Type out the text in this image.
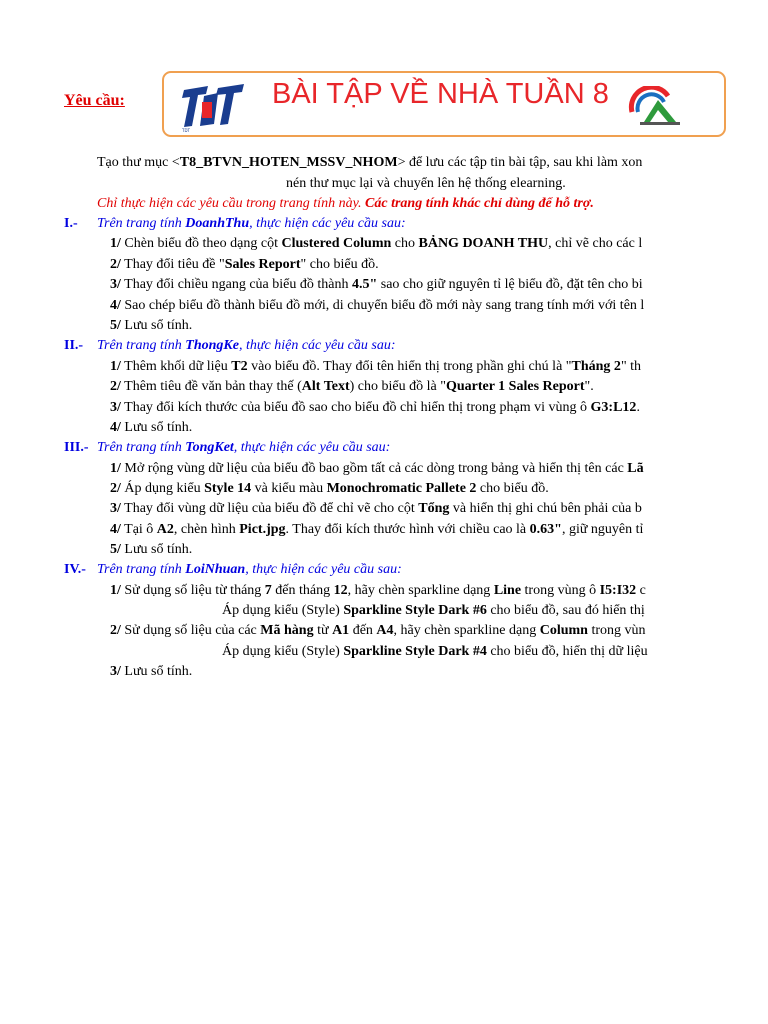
Yêu cầu:
TDT
BÀI TẬP VỀ NHÀ TUẦN 8
Tạo thư mục <T8_BTVN_HOTEN_MSSV_NHOM> để lưu các tập tin bài tập, sau khi làm xon
nén thư mục lại và chuyển lên hệ thống elearning.
Chỉ thực hiện các yêu cầu trong trang tính này. Các trang tính khác chỉ dùng để hỗ trợ.
I.- Trên trang tính DoanhThu, thực hiện các yêu cầu sau:
1/ Chèn biểu đồ theo dạng cột Clustered Column cho BẢNG DOANH THU, chỉ vẽ cho các l
2/ Thay đổi tiêu đề "Sales Report" cho biểu đồ.
3/ Thay đổi chiều ngang của biểu đồ thành 4.5" sao cho giữ nguyên tỉ lệ biểu đồ, đặt tên cho bi
4/ Sao chép biểu đồ thành biểu đồ mới, di chuyển biểu đồ mới này sang trang tính mới với tên l
5/ Lưu sổ tính.
II.- Trên trang tính ThongKe, thực hiện các yêu cầu sau:
1/ Thêm khối dữ liệu T2 vào biểu đồ. Thay đổi tên hiển thị trong phần ghi chú là "Tháng 2" th
2/ Thêm tiêu đề văn bản thay thế (Alt Text) cho biểu đồ là "Quarter 1 Sales Report".
3/ Thay đổi kích thước của biểu đồ sao cho biểu đồ chỉ hiển thị trong phạm vi vùng ô G3:L12.
4/ Lưu sổ tính.
III.- Trên trang tính TongKet, thực hiện các yêu cầu sau:
1/ Mở rộng vùng dữ liệu của biểu đồ bao gồm tất cả các dòng trong bảng và hiển thị tên các Lã
2/ Áp dụng kiểu Style 14 và kiểu màu Monochromatic Pallete 2 cho biểu đồ.
3/ Thay đổi vùng dữ liệu của biểu đồ để chỉ vẽ cho cột Tổng và hiển thị ghi chú bên phải của b
4/ Tại ô A2, chèn hình Pict.jpg. Thay đổi kích thước hình với chiều cao là 0.63", giữ nguyên tỉ
5/ Lưu sổ tính.
IV.- Trên trang tính LoiNhuan, thực hiện các yêu cầu sau:
1/ Sử dụng số liệu từ tháng 7 đến tháng 12, hãy chèn sparkline dạng Line trong vùng ô I5:I32 c
Áp dụng kiểu (Style) Sparkline Style Dark #6 cho biểu đồ, sau đó hiển thị
2/ Sử dụng số liệu của các Mã hàng từ A1 đến A4, hãy chèn sparkline dạng Column trong vùn
Áp dụng kiểu (Style) Sparkline Style Dark #4 cho biểu đồ, hiển thị dữ liệu
3/ Lưu sổ tính.
